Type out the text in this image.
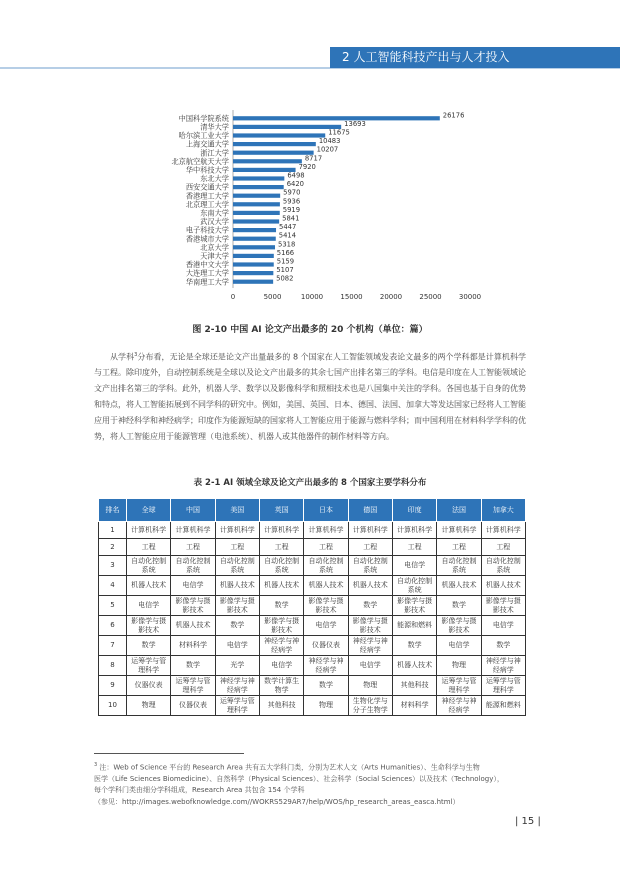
2 人工智能科技产出与人才投入
中国科学院系统	26176
清华大学	13693
哈尔滨工业大学	11675
上海交通大学	10483
浙江大学	10207
北京航空航天大学	8717
华中科技大学	7920
东北大学	6498
西安交通大学	6420
香港理工大学	5970
北京理工大学	5936
东南大学	5919
武汉大学	5841
电子科技大学	5447
香港城市大学	5414
北京大学	5318
天津大学	5166
香港中文大学	5159
大连理工大学	5107
华南理工大学	5082
0	5000	10000 15000 20000 25000 30000
图 2-10 中国 AI 论文产出最多的 20 个机构（单位：篇）

从学科$^3$分布看，无论是全球还是论文产出量最多的 8 个国家在人工智能领域发表论文最多的两个学科都是计算机科学与工程。除印度外，自动控制系统是全球以及论文产出最多的其余七国产出排名第三的学科。电信是印度在人工智能领域论文产出排名第三的学科。此外，机器人学、数学以及影像科学和照相技术也是八国集中关注的学科。各国也基于自身的优势和特点，将人工智能拓展到不同学科的研究中。例如，美国、英国、日本、德国、法国、加拿大等发达国家已经将人工智能应用于神经科学和神经病学；印度作为能源短缺的国家将人工智能应用于能源与燃料学科；而中国利用在材料科学学科的优势，将人工智能应用于能源管理（电池系统）、机器人或其他器件的制作材料等方向。

表 2-1 AI 领域全球及论文产出最多的 8 个国家主要学科分布
排名	全球	中国	美国	英国	日本	德国	印度	法国	加拿大
1	计算机科学	计算机科学	计算机科学	计算机科学	计算机科学	计算机科学	计算机科学	计算机科学	计算机科学
2	工程	工程	工程	工程	工程	工程	工程	工程	工程
3	自动化控制系统	自动化控制系统	自动化控制系统	自动化控制系统	自动化控制系统	自动化控制系统	电信学	自动化控制系统	自动化控制系统
4	机器人技术	电信学	机器人技术	机器人技术	机器人技术	机器人技术	自动化控制系统	机器人技术	机器人技术
5	电信学	影像学与摄影技术	影像学与摄影技术	数学	影像学与摄影技术	数学	影像学与摄影技术	数学	影像学与摄影技术
6	影像学与摄影技术	机器人技术	数学	影像学与摄影技术	电信学	影像学与摄影技术	能源和燃料	影像学与摄影技术	电信学
7	数学	材料科学	电信学	神经学与神经病学	仪器仪表	神经学与神经病学	数学	电信学	数学
8	运筹学与管理科学	数学	光学	电信学	神经学与神经病学	电信学	机器人技术	物理	神经学与神经病学
9	仪器仪表	运筹学与管理科学	神经学与神经病学	数学计算生物学	数学	物理	其他科技	运筹学与管理科学	运筹学与管理科学
10	物理	仪器仪表	运筹学与管理科学	其他科技	物理	生物化学与分子生物学	材料科学	神经学与神经病学	能源和燃料

$^3$ 注：Web of Science 平台的 Research Area 共有五大学科门类，分别为艺术人文（Arts Humanities）、生命科学与生物
医学（Life Sciences Biomedicine）、自然科学（Physical Sciences）、社会科学（Social Sciences）以及技术（Technology），
每个学科门类由细分学科组成，Research Area 共包含 154 个学科
（参见：http://images.webofknowledge.com//WOKRS529AR7/help/WOS/hp_research_areas_easca.html）

| 15 |
